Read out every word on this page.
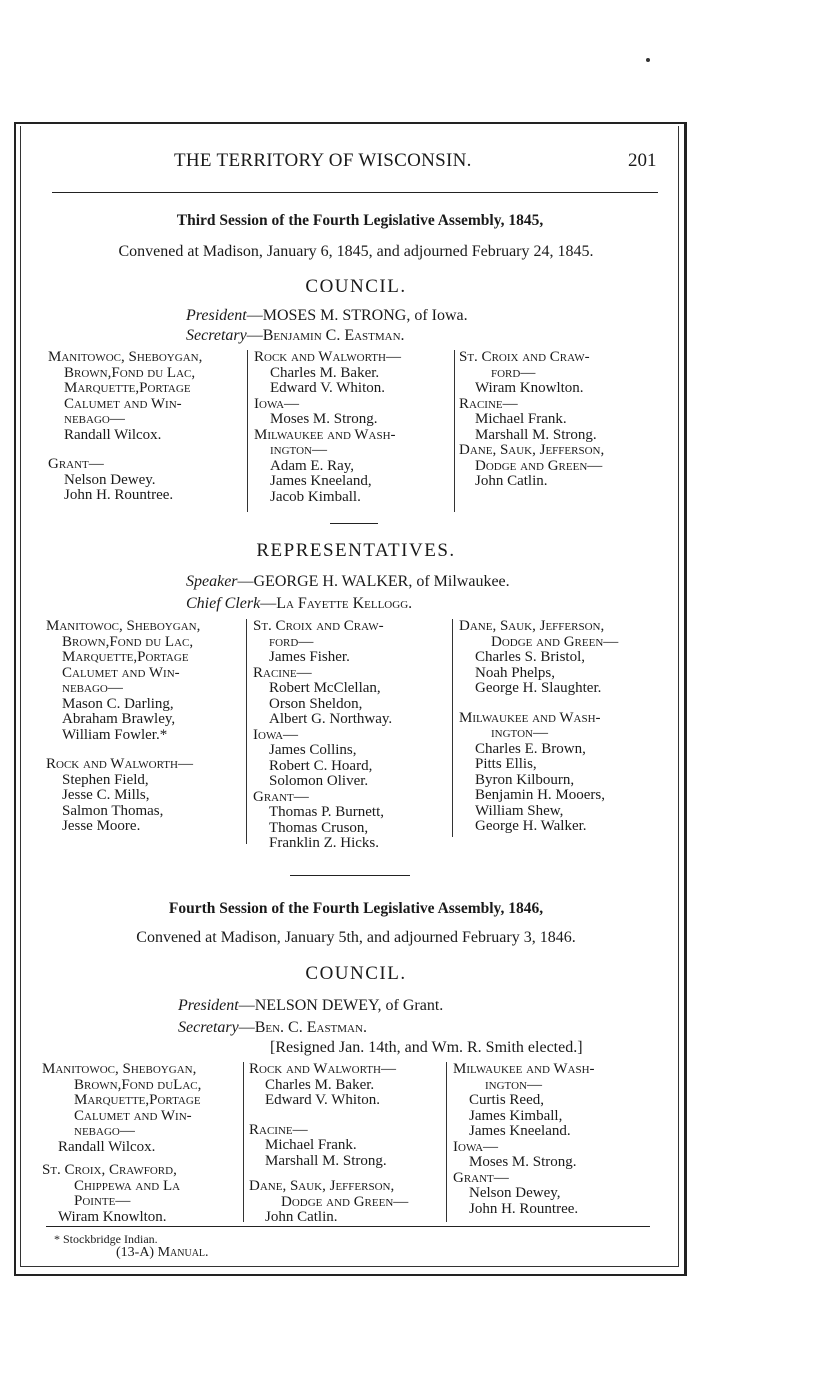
THE TERRITORY OF WISCONSIN.	201
Third Session of the Fourth Legislative Assembly, 1845,
Convened at Madison, January 6, 1845, and adjourned February 24, 1845.
COUNCIL.
President—MOSES M. STRONG, of Iowa.
Secretary—Benjamin C. Eastman.
Manitowoc, Sheboygan,
Brown,Fond du Lac,
Marquette,Portage
Calumet and Win-
nebago—
Randall Wilcox.
Grant—
Nelson Dewey.
John H. Rountree.
Rock and Walworth—
Charles M. Baker.
Edward V. Whiton.
Iowa—
Moses M. Strong.
Milwaukee and Wash-
ington—
Adam E. Ray,
James Kneeland,
Jacob Kimball.
St. Croix and Craw-
ford—
Wiram Knowlton.
Racine—
Michael Frank.
Marshall M. Strong.
Dane, Sauk, Jefferson,
Dodge and Green—
John Catlin.
REPRESENTATIVES.
Speaker—GEORGE H. WALKER, of Milwaukee.
Chief Clerk—La Fayette Kellogg.
Manitowoc, Sheboygan,
Brown,Fond du Lac,
Marquette,Portage
Calumet and Win-
nebago—
Mason C. Darling,
Abraham Brawley,
William Fowler.*
Rock and Walworth—
Stephen Field,
Jesse C. Mills,
Salmon Thomas,
Jesse Moore.
St. Croix and Craw-
ford—
James Fisher.
Racine—
Robert McClellan,
Orson Sheldon,
Albert G. Northway.
Iowa—
James Collins,
Robert C. Hoard,
Solomon Oliver.
Grant—
Thomas P. Burnett,
Thomas Cruson,
Franklin Z. Hicks.
Dane, Sauk, Jefferson,
Dodge and Green—
Charles S. Bristol,
Noah Phelps,
George H. Slaughter.
Milwaukee and Wash-
ington—
Charles E. Brown,
Pitts Ellis,
Byron Kilbourn,
Benjamin H. Mooers,
William Shew,
George H. Walker.
Fourth Session of the Fourth Legislative Assembly, 1846,
Convened at Madison, January 5th, and adjourned February 3, 1846.
COUNCIL.
President—NELSON DEWEY, of Grant.
Secretary—Ben. C. Eastman.
[Resigned Jan. 14th, and Wm. R. Smith elected.]
Manitowoc, Sheboygan,
Brown,Fond duLac,
Marquette,Portage
Calumet and Win-
nebago—
Randall Wilcox.
St. Croix, Crawford,
Chippewa and La
Pointe—
Wiram Knowlton.
Rock and Walworth—
Charles M. Baker.
Edward V. Whiton.
Racine—
Michael Frank.
Marshall M. Strong.
Dane, Sauk, Jefferson,
Dodge and Green—
John Catlin.
Milwaukee and Wash-
ington—
Curtis Reed,
James Kimball,
James Kneeland.
Iowa—
Moses M. Strong.
Grant—
Nelson Dewey,
John H. Rountree.
* Stockbridge Indian.
(13-A) Manual.
